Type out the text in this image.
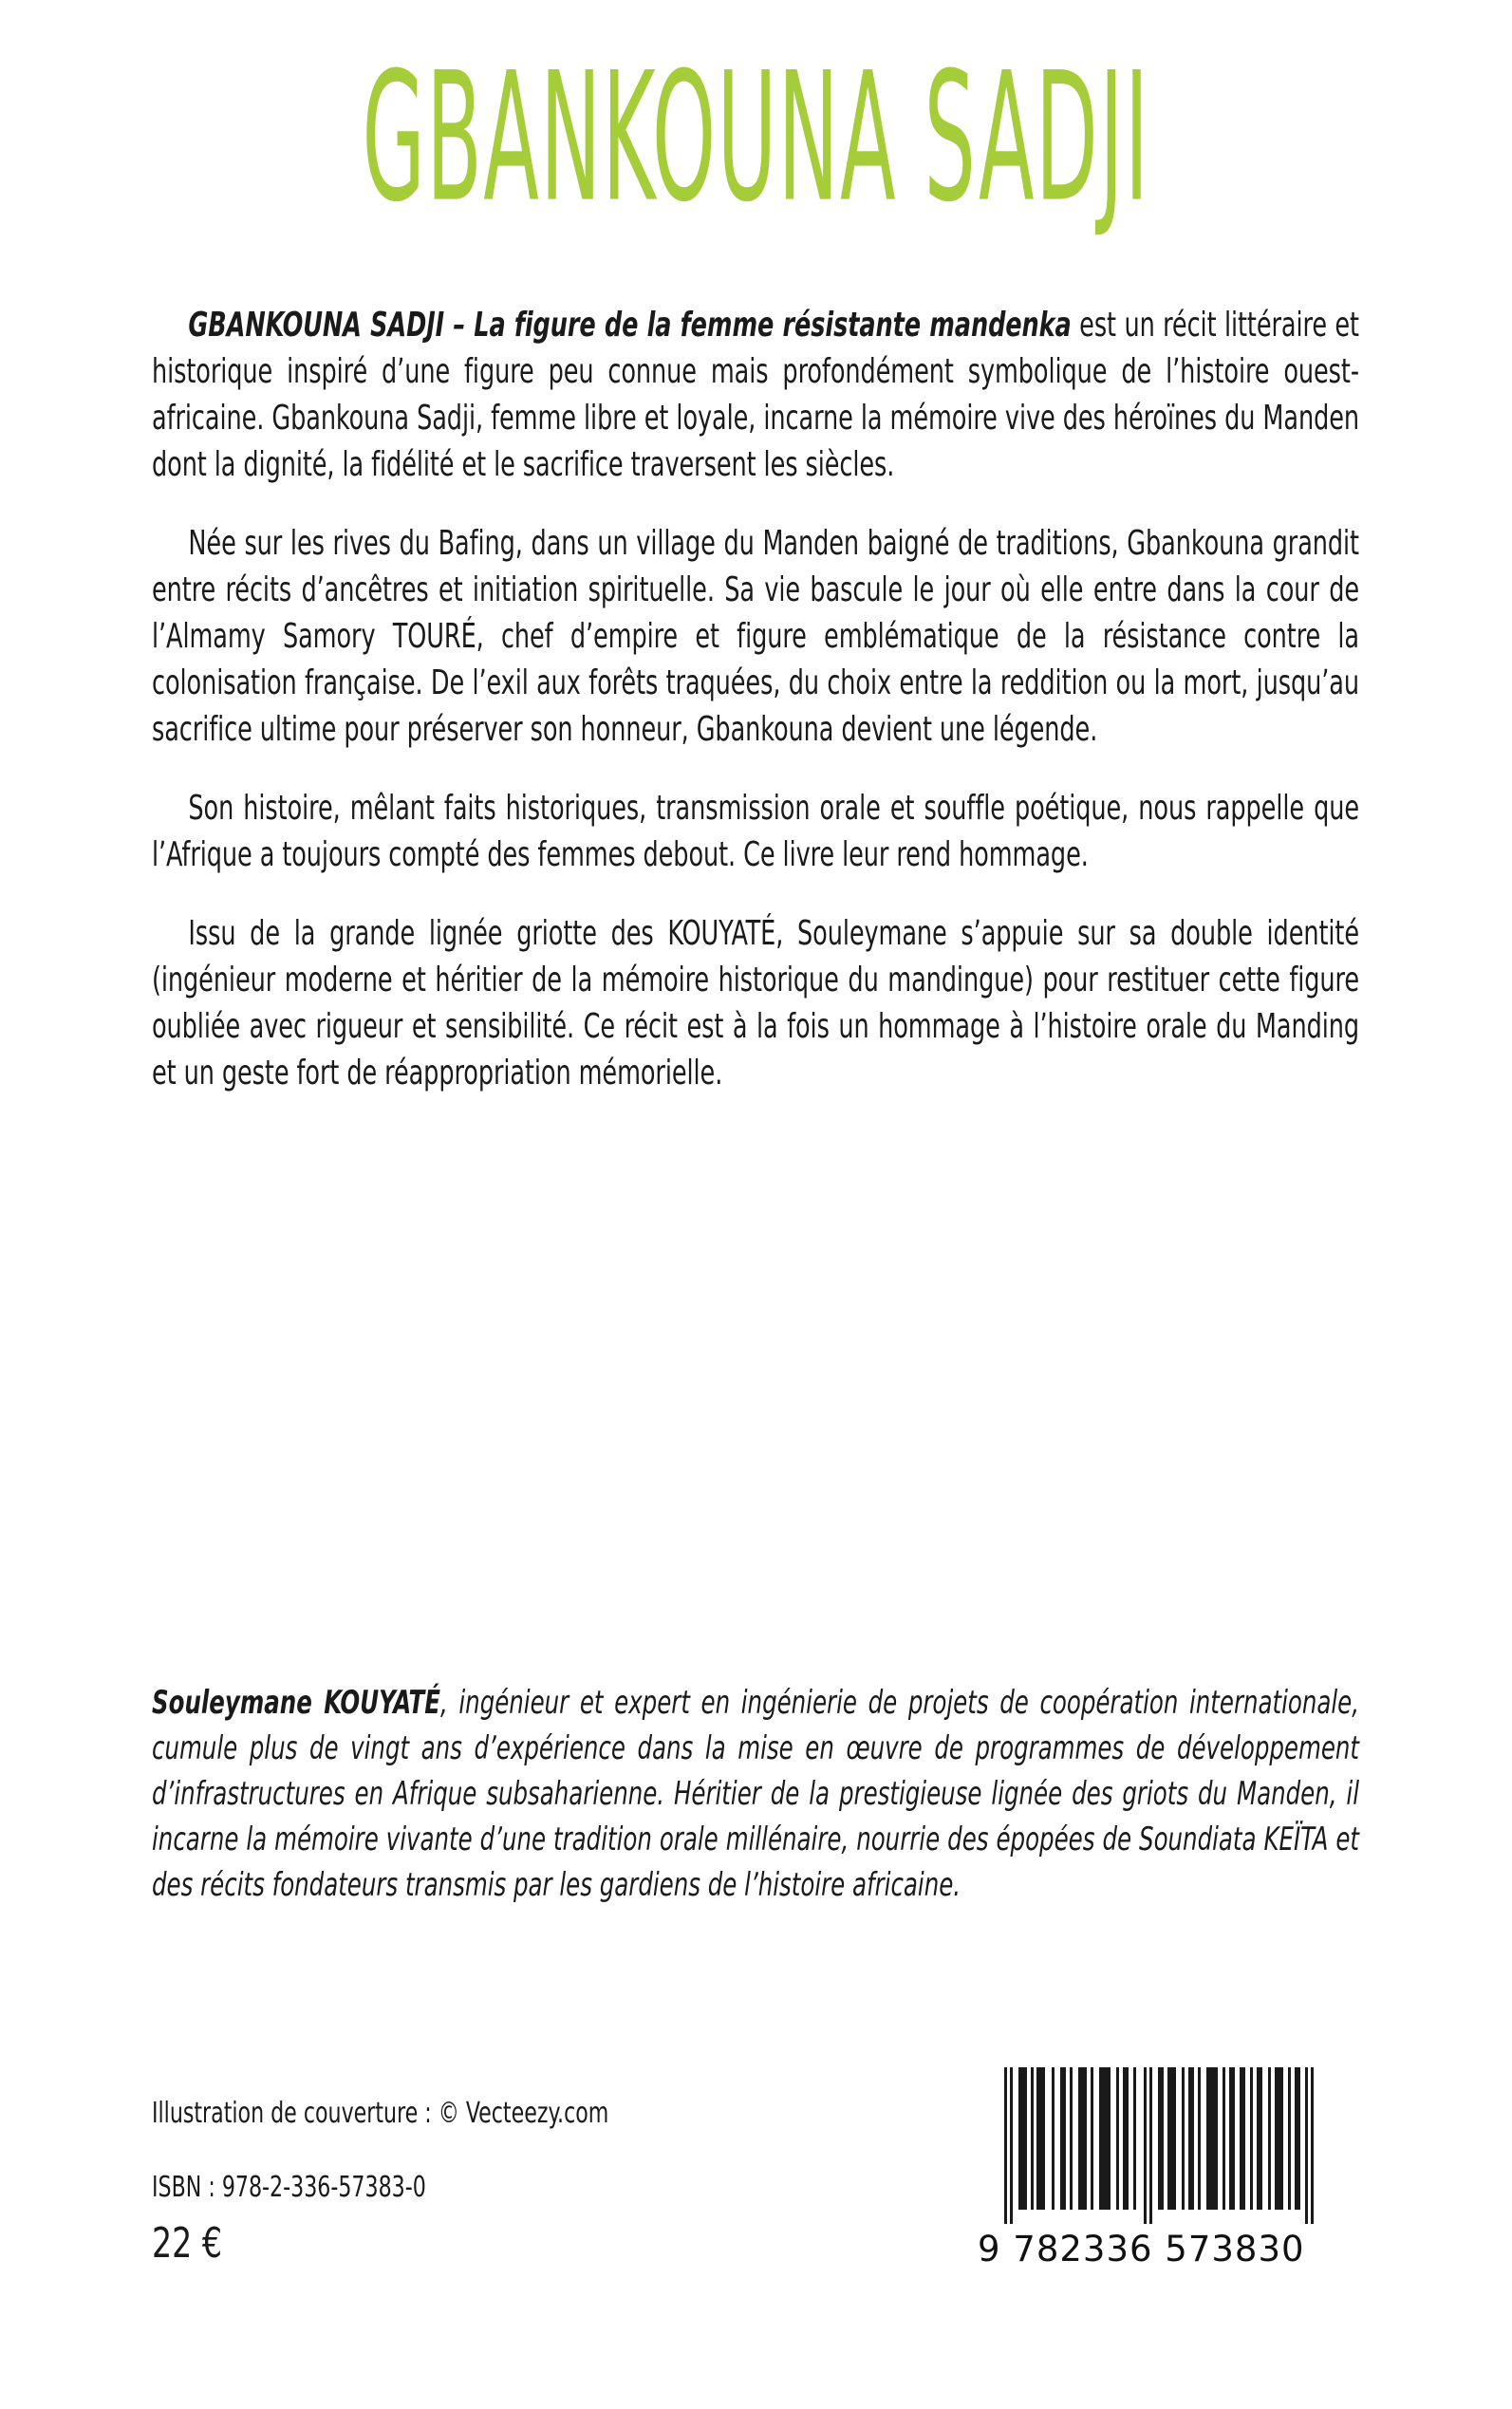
GBANKOUNA SADJI

GBANKOUNA SADJI – La figure de la femme résistante mandenka est un récit littéraire et historique inspiré d’une figure peu connue mais profondément symbolique de l’histoire ouest-africaine. Gbankouna Sadji, femme libre et loyale, incarne la mémoire vive des héroïnes du Manden dont la dignité, la fidélité et le sacrifice traversent les siècles.

Née sur les rives du Bafing, dans un village du Manden baigné de traditions, Gbankouna grandit entre récits d’ancêtres et initiation spirituelle. Sa vie bascule le jour où elle entre dans la cour de l’Almamy Samory TOURÉ, chef d’empire et figure emblématique de la résistance contre la colonisation française. De l’exil aux forêts traquées, du choix entre la reddition ou la mort, jusqu’au sacrifice ultime pour préserver son honneur, Gbankouna devient une légende.

Son histoire, mêlant faits historiques, transmission orale et souffle poétique, nous rappelle que l’Afrique a toujours compté des femmes debout. Ce livre leur rend hommage.

Issu de la grande lignée griotte des KOUYATÉ, Souleymane s’appuie sur sa double identité (ingénieur moderne et héritier de la mémoire historique du mandingue) pour restituer cette figure oubliée avec rigueur et sensibilité. Ce récit est à la fois un hommage à l’histoire orale du Manding et un geste fort de réappropriation mémorielle.

Souleymane KOUYATÉ, ingénieur et expert en ingénierie de projets de coopération internationale, cumule plus de vingt ans d’expérience dans la mise en œuvre de programmes de développement d’infrastructures en Afrique subsaharienne. Héritier de la prestigieuse lignée des griots du Manden, il incarne la mémoire vivante d’une tradition orale millénaire, nourrie des épopées de Soundiata KEÏTA et des récits fondateurs transmis par les gardiens de l’histoire africaine.

Illustration de couverture : © Vecteezy.com

ISBN : 978-2-336-57383-0

22 €	9 782336 573830
